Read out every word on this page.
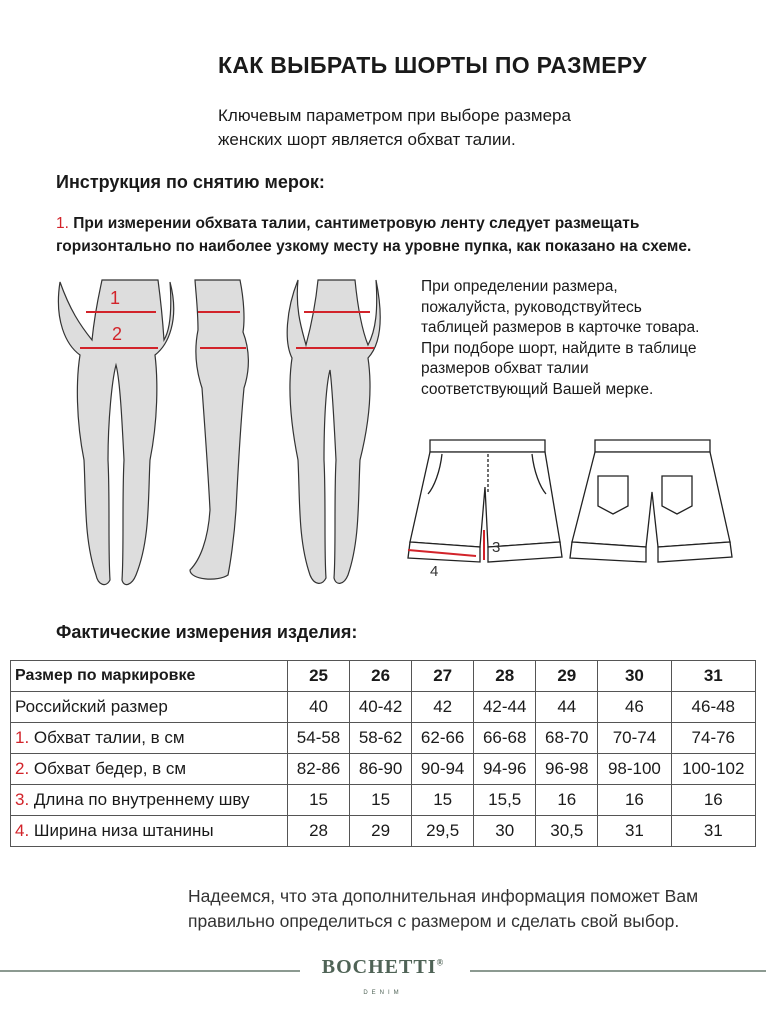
КАК ВЫБРАТЬ ШОРТЫ ПО РАЗМЕРУ
Ключевым параметром при выборе размера
женских шорт является обхват талии.
Инструкция по снятию мерок:
1. При измерении обхвата талии, сантиметровую ленту следует размещать
горизонтально по наиболее узкому месту на уровне пупка, как показано на схеме.
1
2
При определении размера,
пожалуйста, руководствуйтесь
таблицей размеров в карточке товара.
При подборе шорт, найдите в таблице
размеров обхват талии
соответствующий Вашей мерке.
3
4
Фактические измерения изделия:
Размер по маркировке	25	26	27	28	29	30	31
Российский размер	40	40-42	42	42-44	44	46	46-48
1. Обхват талии, в см	54-58	58-62	62-66	66-68	68-70	70-74	74-76
2. Обхват бедер, в см	82-86	86-90	90-94	94-96	96-98	98-100	100-102
3. Длина по внутреннему шву	15	15	15	15,5	16	16	16
4. Ширина низа штанины	28	29	29,5	30	30,5	31	31
Надеемся, что эта дополнительная информация поможет Вам
правильно определиться с размером и сделать свой выбор.
BOCHETTI®
DENIM
